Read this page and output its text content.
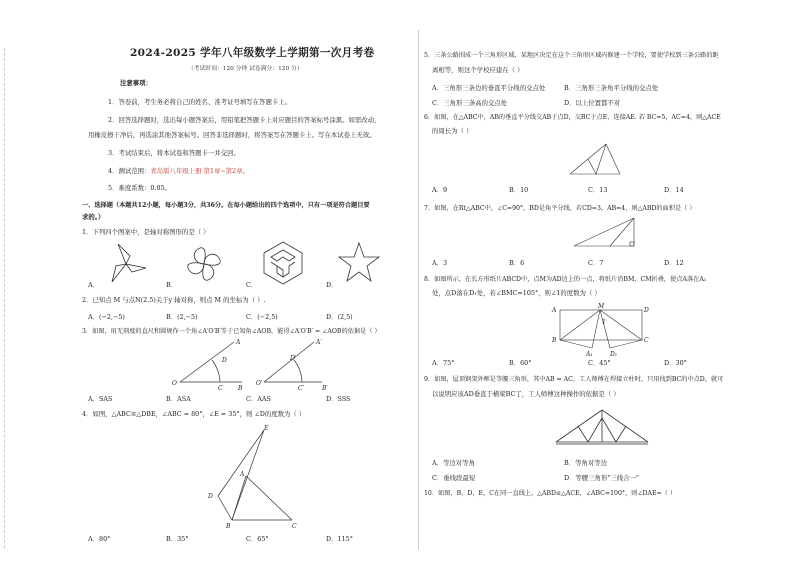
2024-2025 学年八年级数学上学期第一次月考卷
（考试时间：120 分钟 试卷满分：120 分）
注意事项：
1．答卷前，考生务必将自己的姓名、准考证号填写在答题卡上。
2．回答选择题时，选出每小题答案后，用铅笔把答题卡上对应题目的答案标号涂黑。如需改动，
用橡皮擦干净后，再选涂其他答案标号。回答非选择题时，将答案写在答题卡上。写在本试卷上无效。
3．考试结束后，将本试卷和答题卡一并交回。
4．测试范围：青岛版八年级上册 第1章~第2章。
5．难度系数：0.85。
一、选择题（本题共12小题，每小题3分，共36分。在每小题给出的四个选项中，只有一项是符合题目要
求的。）
1．下列四个图案中，是轴对称图形的是（ ）
A．	B．	C．	D．
2．已知点 M 与点N(2.5)关于y 轴对称，则点 M 的坐标为（ ）.
A．(−2,−5)	B．(2,−5)	C．(−2,5)	D．(2,5)
3．如图，用无刻度的直尺和圆规作一个角∠A′O′B′等于已知角∠AOB，能得∠A′O′B′ = ∠AOB的依据是（ ）
O
A
D
C	B
O′
A′
D′
C′	B′
A．SAS	B．ASA	C．AAS	D．SSS
4．如图，△ABC≌△DBE，∠ABC = 80°，∠E = 35°，则 ∠D的度数为（ ）
E
A
D
B	C
A．80°	B．35°	C．65°	D．115°
5．三条公路围成一个三角形区域，某地区决定在这个三角形区域内修建一个学校，要使学校到三条公路的距
离相等，则这个学校应建在（ ）
A．三角形三条边的垂直平分线的交点处	B．三角形三条角平分线的交点处
C．三角形三条高的交点处	D．以上位置都不对
6．如图，在△ABC中，AB的垂直平分线交AB于点D，交BC于点E，连接AE. 若 BC=5，AC=4，则△ACE
的周长为（ ）
A．9	B．10	C．13	D．14
7．如图，在Rt△ABC中，∠C=90°，BD是角平分线，若CD=3，AB=4，则△ABD的面积是（ ）
A．3	B．6	C．7	D．12
8．如图所示，在长方形纸片ABCD中，点M为AD边上的一点，将纸片沿BM，CM折叠，使点A落在A₁
处，点D落在D₁处，若∠BMC=105°，则∠1的度数为（ ）
A
M
D
B	C
A₁	D₁
1
A．75°	B．60°	C．45°	D．30°
9．如图，屋顶钢架外框是等腰三角形，其中AB = AC，工人师傅在焊接立柱时，只用找到BC的中点D，就可
以说明应该AD垂直于横梁BC了，工人师傅这种操作的依据是（ ）
A．等边对等角	B．等角对等边
C．垂线段最短	D．等腰三角形"三线合一"
10．如图，B，D，E，C在同一直线上，△ABD≌△ACE，∠ABC=100°，则∠DAE=（ ）
